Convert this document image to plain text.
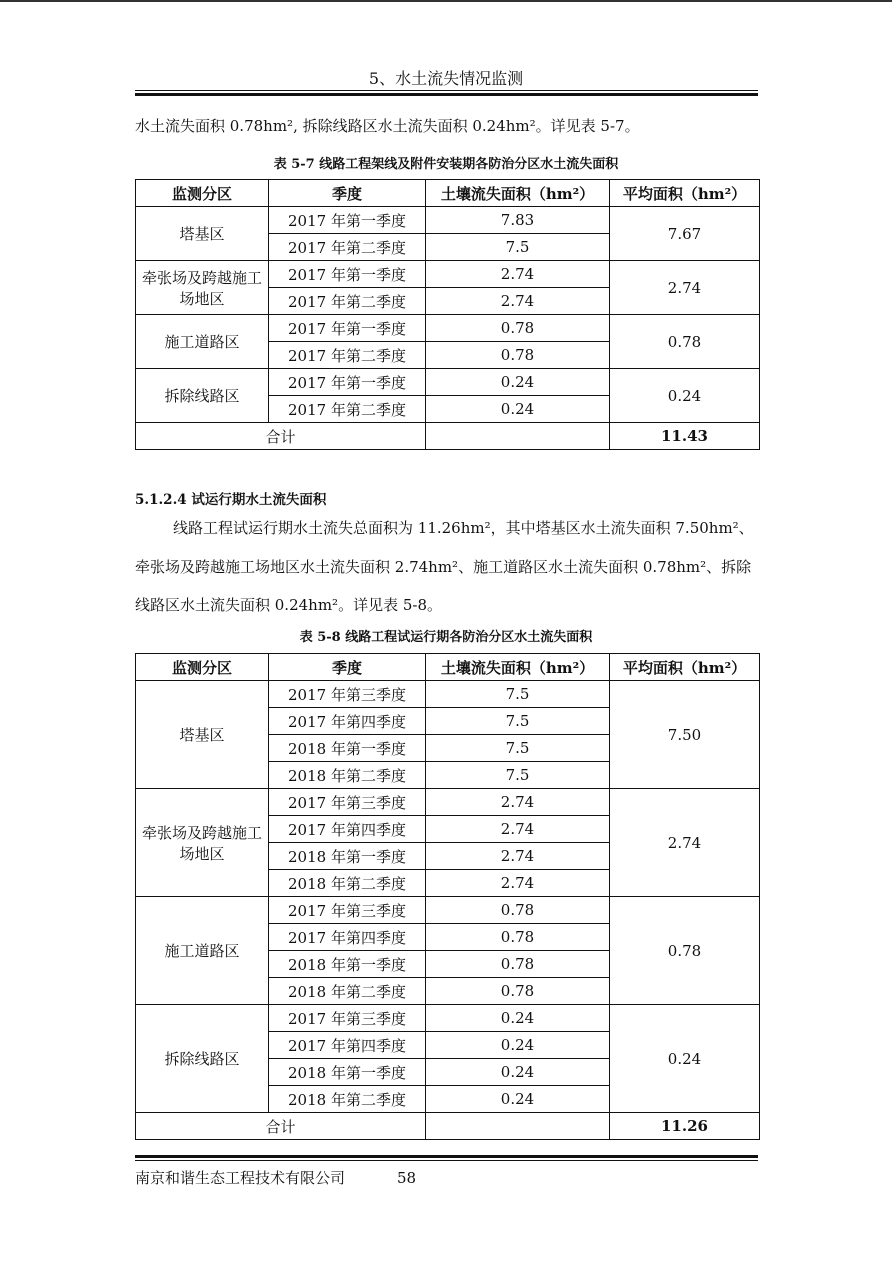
5、水土流失情况监测

水土流失面积 0.78hm², 拆除线路区水土流失面积 0.24hm²。详见表 5-7。

表 5-7 线路工程架线及附件安装期各防治分区水土流失面积
监测分区	季度	土壤流失面积（hm²）	平均面积（hm²）
塔基区	2017 年第一季度	7.83	7.67
	2017 年第二季度	7.5	
牵张场及跨越施工场地区	2017 年第一季度	2.74	2.74
	2017 年第二季度	2.74	
施工道路区	2017 年第一季度	0.78	0.78
	2017 年第二季度	0.78	
拆除线路区	2017 年第一季度	0.24	0.24
	2017 年第二季度	0.24	
合计			11.43
5.1.2.4 试运行期水土流失面积

线路工程试运行期水土流失总面积为 11.26hm²，其中塔基区水土流失面积 7.50hm²、牵张场及跨越施工场地区水土流失面积 2.74hm²、施工道路区水土流失面积 0.78hm²、拆除线路区水土流失面积 0.24hm²。详见表 5-8。

表 5-8 线路工程试运行期各防治分区水土流失面积
监测分区	季度	土壤流失面积（hm²）	平均面积（hm²）
塔基区	2017 年第三季度	7.5	7.50
	2017 年第四季度	7.5	
	2018 年第一季度	7.5	
	2018 年第二季度	7.5	
牵张场及跨越施工场地区	2017 年第三季度	2.74	2.74
	2017 年第四季度	2.74	
	2018 年第一季度	2.74	
	2018 年第二季度	2.74	
施工道路区	2017 年第三季度	0.78	0.78
	2017 年第四季度	0.78	
	2018 年第一季度	0.78	
	2018 年第二季度	0.78	
拆除线路区	2017 年第三季度	0.24	0.24
	2017 年第四季度	0.24	
	2018 年第一季度	0.24	
	2018 年第二季度	0.24	
合计			11.26
南京和谐生态工程技术有限公司	58
